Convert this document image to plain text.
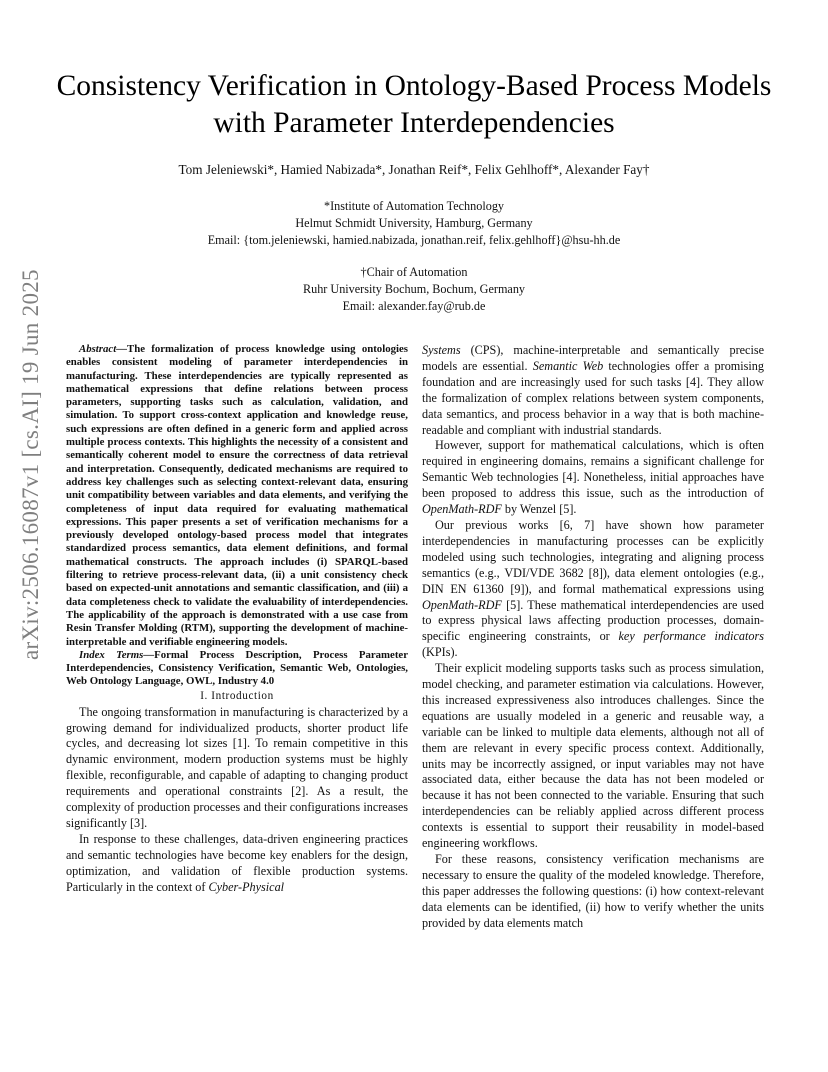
arXiv:2506.16087v1 [cs.AI] 19 Jun 2025
Consistency Verification in Ontology-Based Process Models with Parameter Interdependencies
Tom Jeleniewski*, Hamied Nabizada*, Jonathan Reif*, Felix Gehlhoff*, Alexander Fay†
*Institute of Automation Technology
Helmut Schmidt University, Hamburg, Germany
Email: {tom.jeleniewski, hamied.nabizada, jonathan.reif, felix.gehlhoff}@hsu-hh.de
†Chair of Automation
Ruhr University Bochum, Bochum, Germany
Email: alexander.fay@rub.de

Abstract—The formalization of process knowledge using ontologies enables consistent modeling of parameter interdependencies in manufacturing. These interdependencies are typically represented as mathematical expressions that define relations between process parameters, supporting tasks such as calculation, validation, and simulation. To support cross-context application and knowledge reuse, such expressions are often defined in a generic form and applied across multiple process contexts. This highlights the necessity of a consistent and semantically coherent model to ensure the correctness of data retrieval and interpretation. Consequently, dedicated mechanisms are required to address key challenges such as selecting context-relevant data, ensuring unit compatibility between variables and data elements, and verifying the completeness of input data required for evaluating mathematical expressions. This paper presents a set of verification mechanisms for a previously developed ontology-based process model that integrates standardized process semantics, data element definitions, and formal mathematical constructs. The approach includes (i) SPARQL-based filtering to retrieve process-relevant data, (ii) a unit consistency check based on expected-unit annotations and semantic classification, and (iii) a data completeness check to validate the evaluability of interdependencies. The applicability of the approach is demonstrated with a use case from Resin Transfer Molding (RTM), supporting the development of machine-interpretable and verifiable engineering models.

Index Terms—Formal Process Description, Process Parameter Interdependencies, Consistency Verification, Semantic Web, Ontologies, Web Ontology Language, OWL, Industry 4.0

I. Introduction

The ongoing transformation in manufacturing is characterized by a growing demand for individualized products, shorter product life cycles, and decreasing lot sizes [1]. To remain competitive in this dynamic environment, modern production systems must be highly flexible, reconfigurable, and capable of adapting to changing product requirements and operational constraints [2]. As a result, the complexity of production processes and their configurations increases significantly [3].

In response to these challenges, data-driven engineering practices and semantic technologies have become key enablers for the design, optimization, and validation of flexible production systems. Particularly in the context of Cyber-Physical

Systems (CPS), machine-interpretable and semantically precise models are essential. Semantic Web technologies offer a promising foundation and are increasingly used for such tasks [4]. They allow the formalization of complex relations between system components, data semantics, and process behavior in a way that is both machine-readable and compliant with industrial standards.

However, support for mathematical calculations, which is often required in engineering domains, remains a significant challenge for Semantic Web technologies [4]. Nonetheless, initial approaches have been proposed to address this issue, such as the introduction of OpenMath-RDF by Wenzel [5].

Our previous works [6, 7] have shown how parameter interdependencies in manufacturing processes can be explicitly modeled using such technologies, integrating and aligning process semantics (e.g., VDI/VDE 3682 [8]), data element ontologies (e.g., DIN EN 61360 [9]), and formal mathematical expressions using OpenMath-RDF [5]. These mathematical interdependencies are used to express physical laws affecting production processes, domain-specific engineering constraints, or key performance indicators (KPIs).

Their explicit modeling supports tasks such as process simulation, model checking, and parameter estimation via calculations. However, this increased expressiveness also introduces challenges. Since the equations are usually modeled in a generic and reusable way, a variable can be linked to multiple data elements, although not all of them are relevant in every specific process context. Additionally, units may be incorrectly assigned, or input variables may not have associated data, either because the data has not been modeled or because it has not been connected to the variable. Ensuring that such interdependencies can be reliably applied across different process contexts is essential to support their reusability in model-based engineering workflows.

For these reasons, consistency verification mechanisms are necessary to ensure the quality of the modeled knowledge. Therefore, this paper addresses the following questions: (i) how context-relevant data elements can be identified, (ii) how to verify whether the units provided by data elements match
